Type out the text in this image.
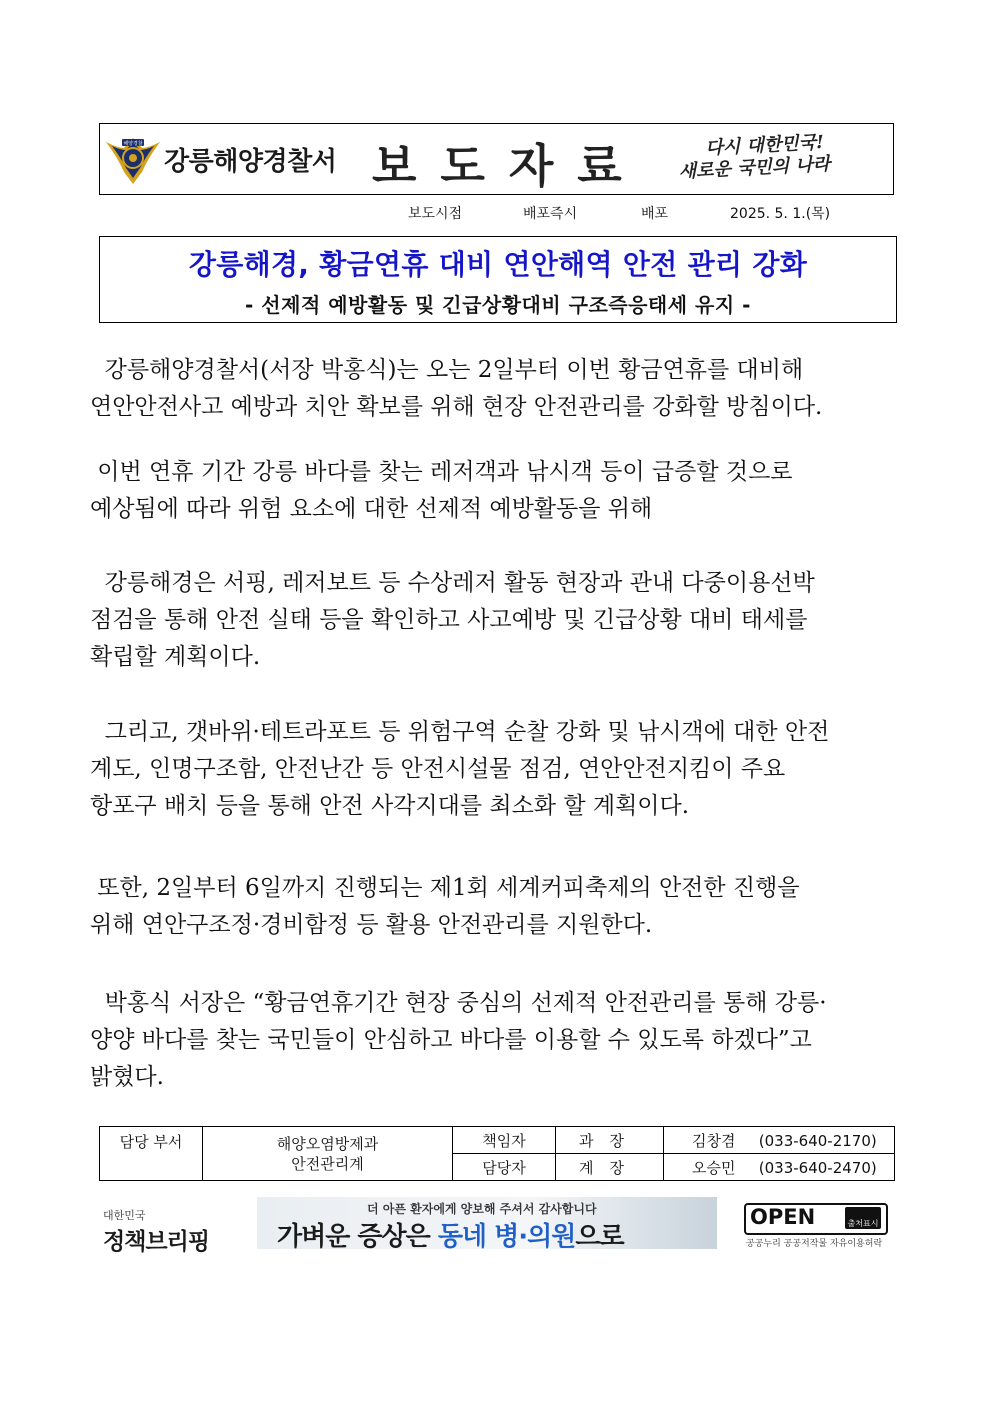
해양경찰
강릉해양경찰서 보도자료	다시 대한민국!
새로운 국민의 나라
보도시점	배포즉시	배포	2025. 5. 1.(목)
강릉해경, 황금연휴 대비 연안해역 안전 관리 강화
- 선제적 예방활동 및 긴급상황대비 구조즉응태세 유지 -
강릉해양경찰서(서장 박홍식)는 오는 2일부터 이번 황금연휴를 대비해
연안안전사고 예방과 치안 확보를 위해 현장 안전관리를 강화할 방침이다.
이번 연휴 기간 강릉 바다를 찾는 레저객과 낚시객 등이 급증할 것으로
예상됨에 따라 위험 요소에 대한 선제적 예방활동을 위해
강릉해경은 서핑, 레저보트 등 수상레저 활동 현장과 관내 다중이용선박
점검을 통해 안전 실태 등을 확인하고 사고예방 및 긴급상황 대비 태세를
확립할 계획이다.
그리고, 갯바위·테트라포트 등 위험구역 순찰 강화 및 낚시객에 대한 안전
계도, 인명구조함, 안전난간 등 안전시설물 점검, 연안안전지킴이 주요
항포구 배치 등을 통해 안전 사각지대를 최소화 할 계획이다.
또한, 2일부터 6일까지 진행되는 제1회 세계커피축제의 안전한 진행을
위해 연안구조정·경비함정 등 활용 안전관리를 지원한다.
박홍식 서장은 “황금연휴기간 현장 중심의 선제적 안전관리를 통해 강릉·
양양 바다를 찾는 국민들이 안심하고 바다를 이용할 수 있도록 하겠다”고
밝혔다.
담당 부서	해양오염방제과
안전관리계	책임자	과장	김창겸 (033-640-2170)
		담당자	계장	오승민 (033-640-2470)
대한민국
정책브리핑
더 아픈 환자에게 양보해 주셔서 감사합니다
가벼운 증상은 동네 병·의원으로
OPEN	출처표시
공공누리 공공저작물 자유이용허락
